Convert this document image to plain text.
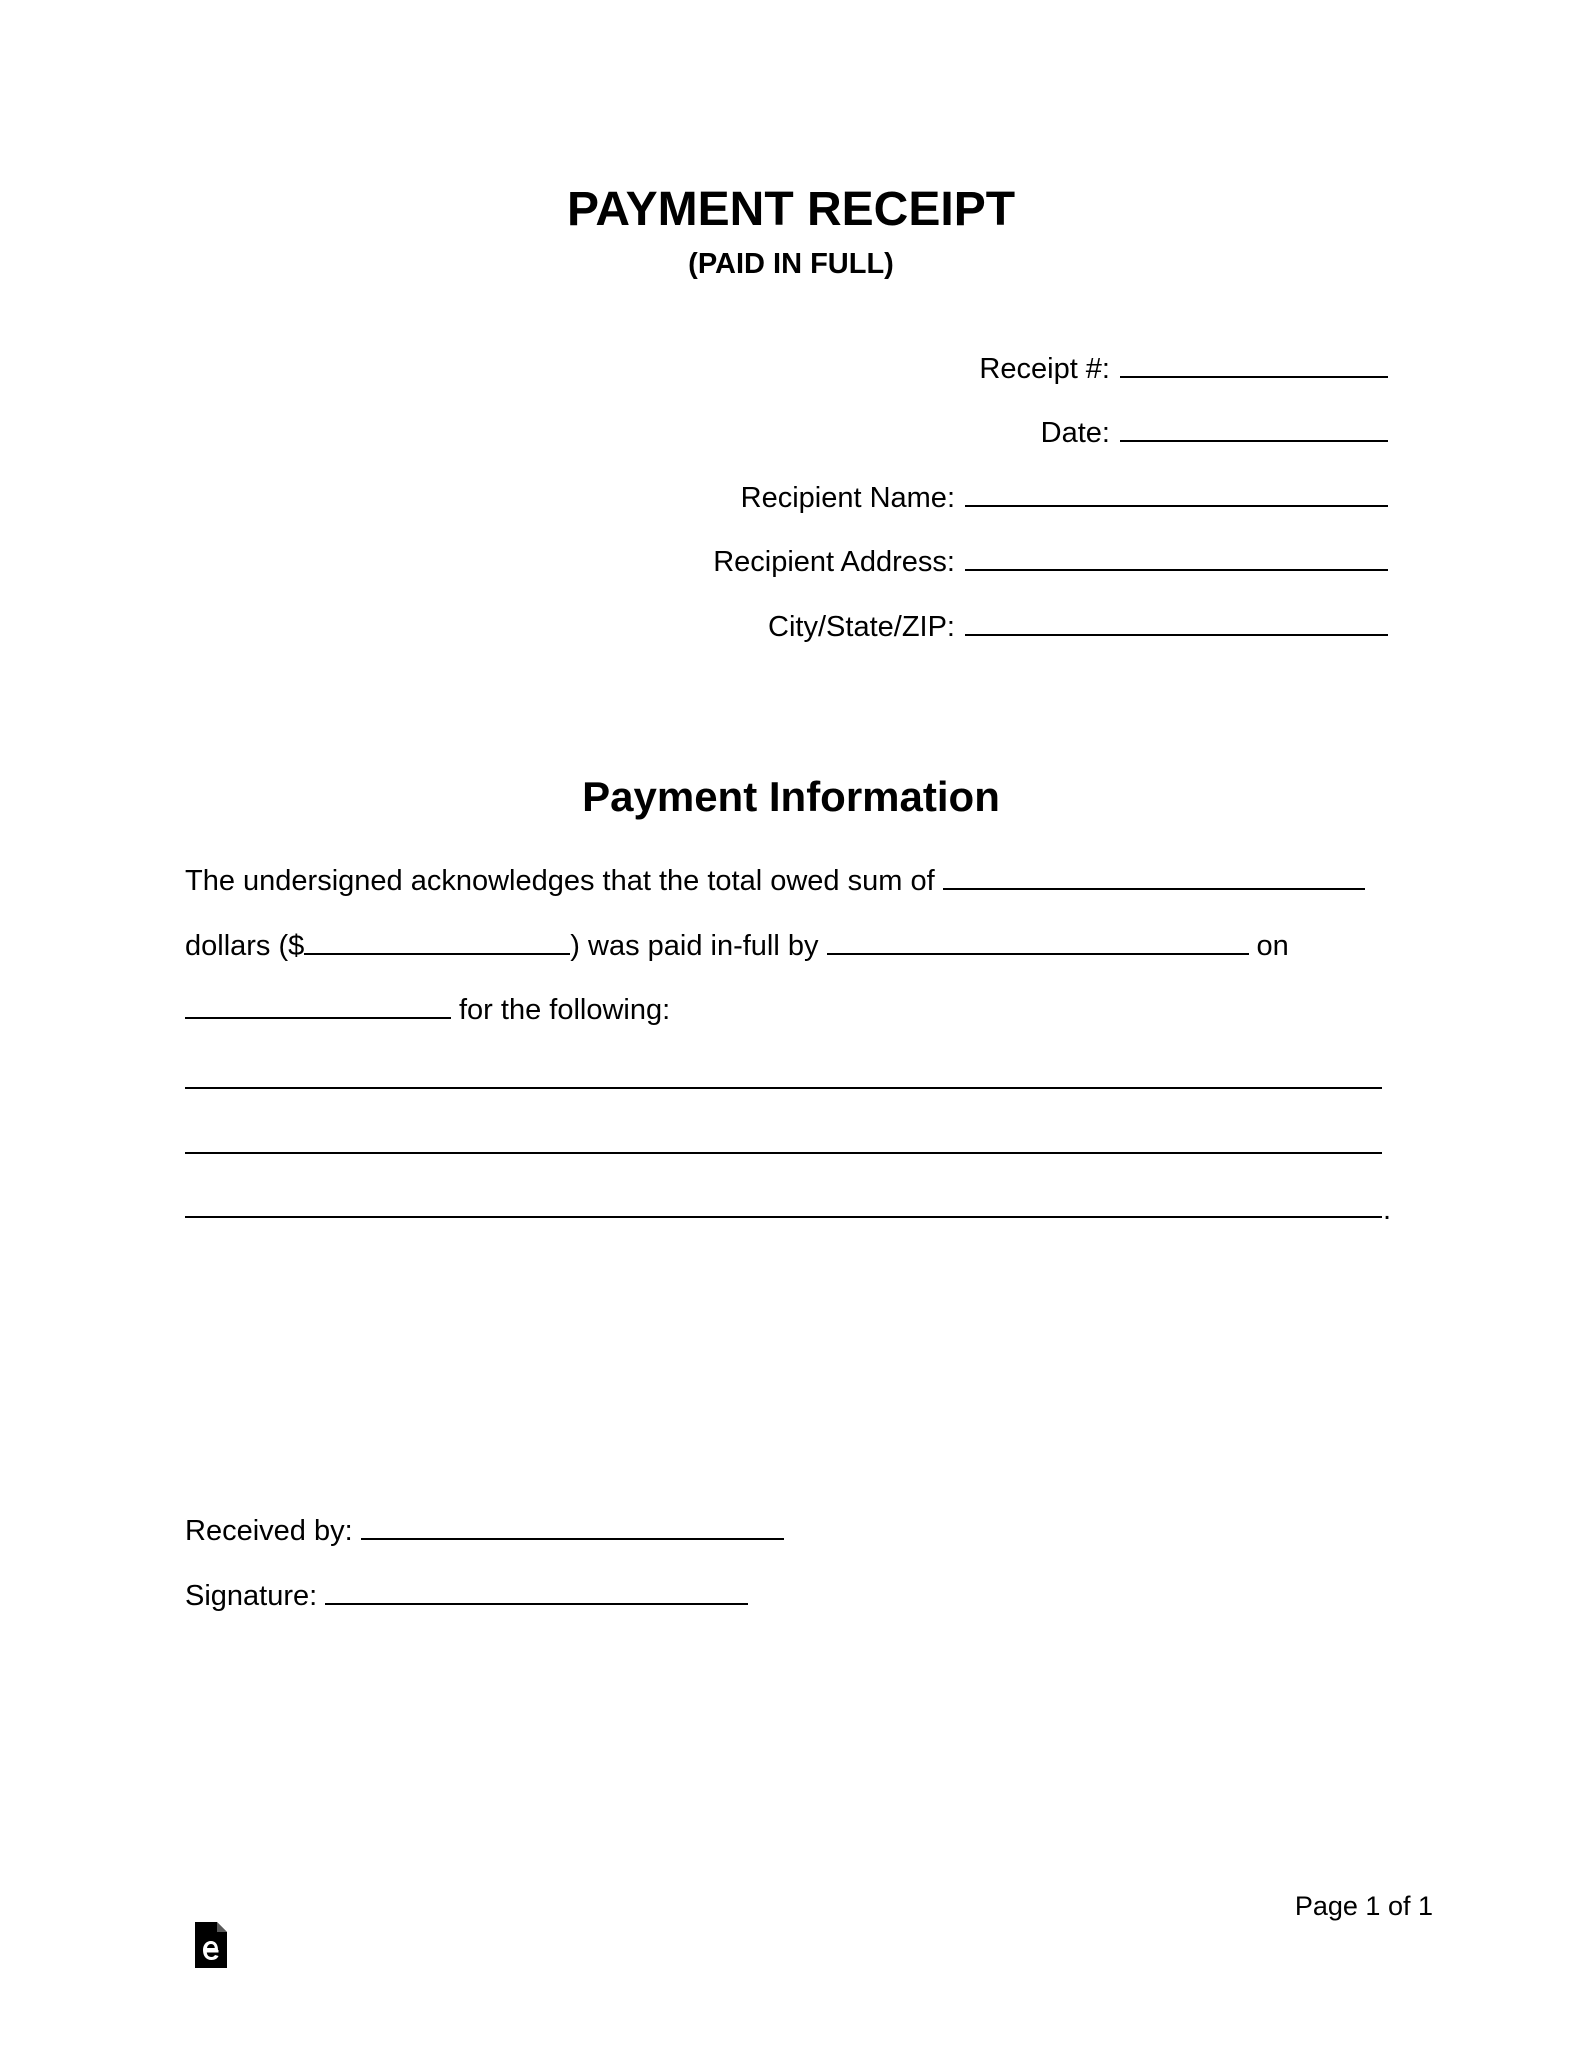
PAYMENT RECEIPT
(PAID IN FULL)
Receipt #:
Date:
Recipient Name:
Recipient Address:
City/State/ZIP:
Payment Information
The undersigned acknowledges that the total owed sum of
dollars ($	) was paid in-full by	on
for the following:
.
Received by:
Signature:
Page 1 of 1
